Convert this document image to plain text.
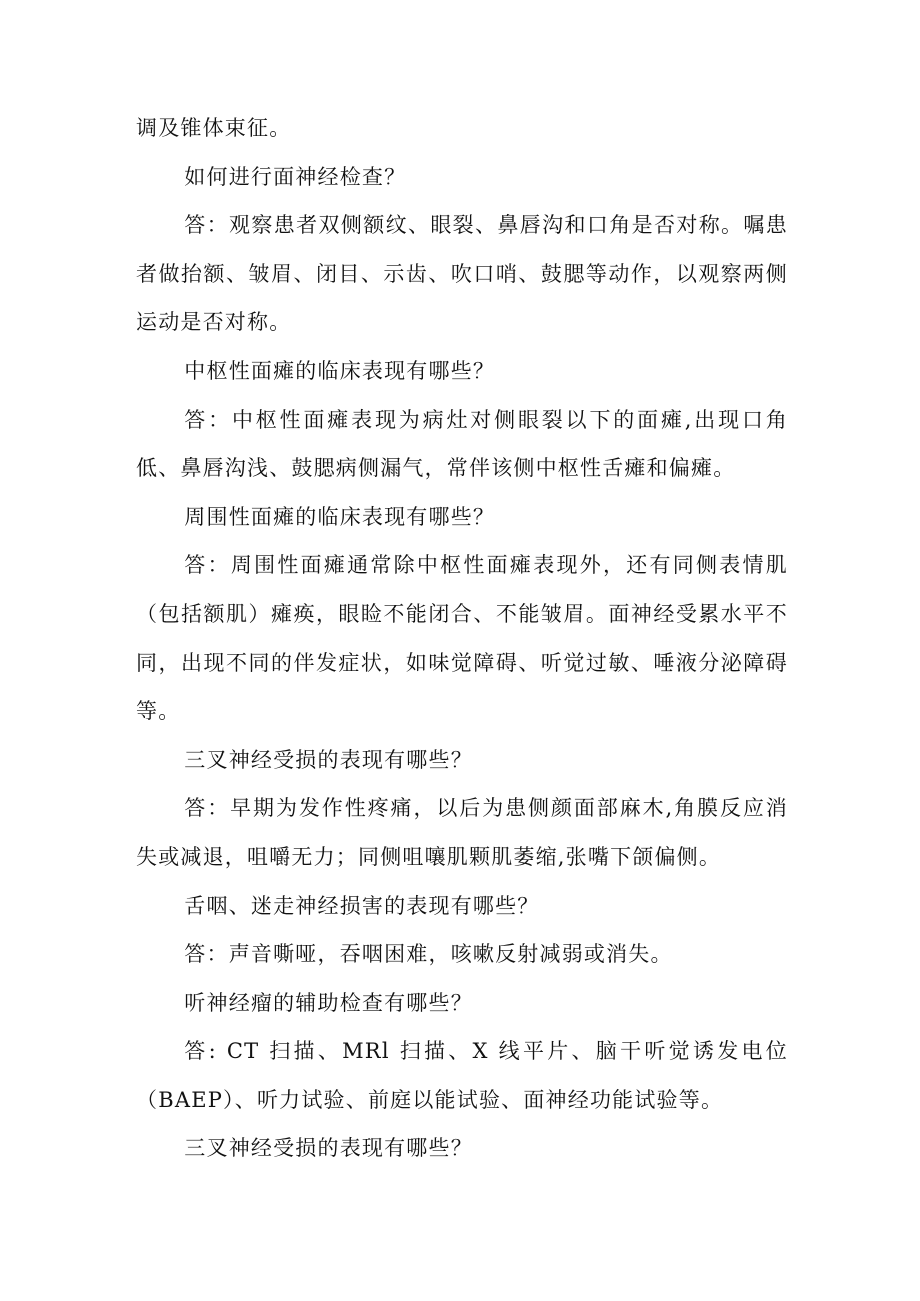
调及锥体束征。

如何进行面神经检查？

答：观察患者双侧额纹、眼裂、鼻唇沟和口角是否对称。嘱患者做抬额、皱眉、闭目、示齿、吹口哨、鼓腮等动作，以观察两侧运动是否对称。

中枢性面瘫的临床表现有哪些？

答：中枢性面瘫表现为病灶对侧眼裂以下的面瘫,出现口角低、鼻唇沟浅、鼓腮病侧漏气，常伴该侧中枢性舌瘫和偏瘫。

周围性面瘫的临床表现有哪些？

答：周围性面瘫通常除中枢性面瘫表现外，还有同侧表情肌（包括额肌）瘫痪，眼睑不能闭合、不能皱眉。面神经受累水平不同，出现不同的伴发症状，如味觉障碍、听觉过敏、唾液分泌障碍等。

三叉神经受损的表现有哪些？

答：早期为发作性疼痛，以后为患侧颜面部麻木,角膜反应消失或减退，咀嚼无力；同侧咀嚷肌颗肌萎缩,张嘴下颌偏侧。

舌咽、迷走神经损害的表现有哪些？

答：声音嘶哑，吞咽困难，咳嗽反射减弱或消失。

听神经瘤的辅助检查有哪些？

答: CT 扫描、MRl 扫描、X 线平片、脑干听觉诱发电位（BAEP）、听力试验、前庭以能试验、面神经功能试验等。

三叉神经受损的表现有哪些？
